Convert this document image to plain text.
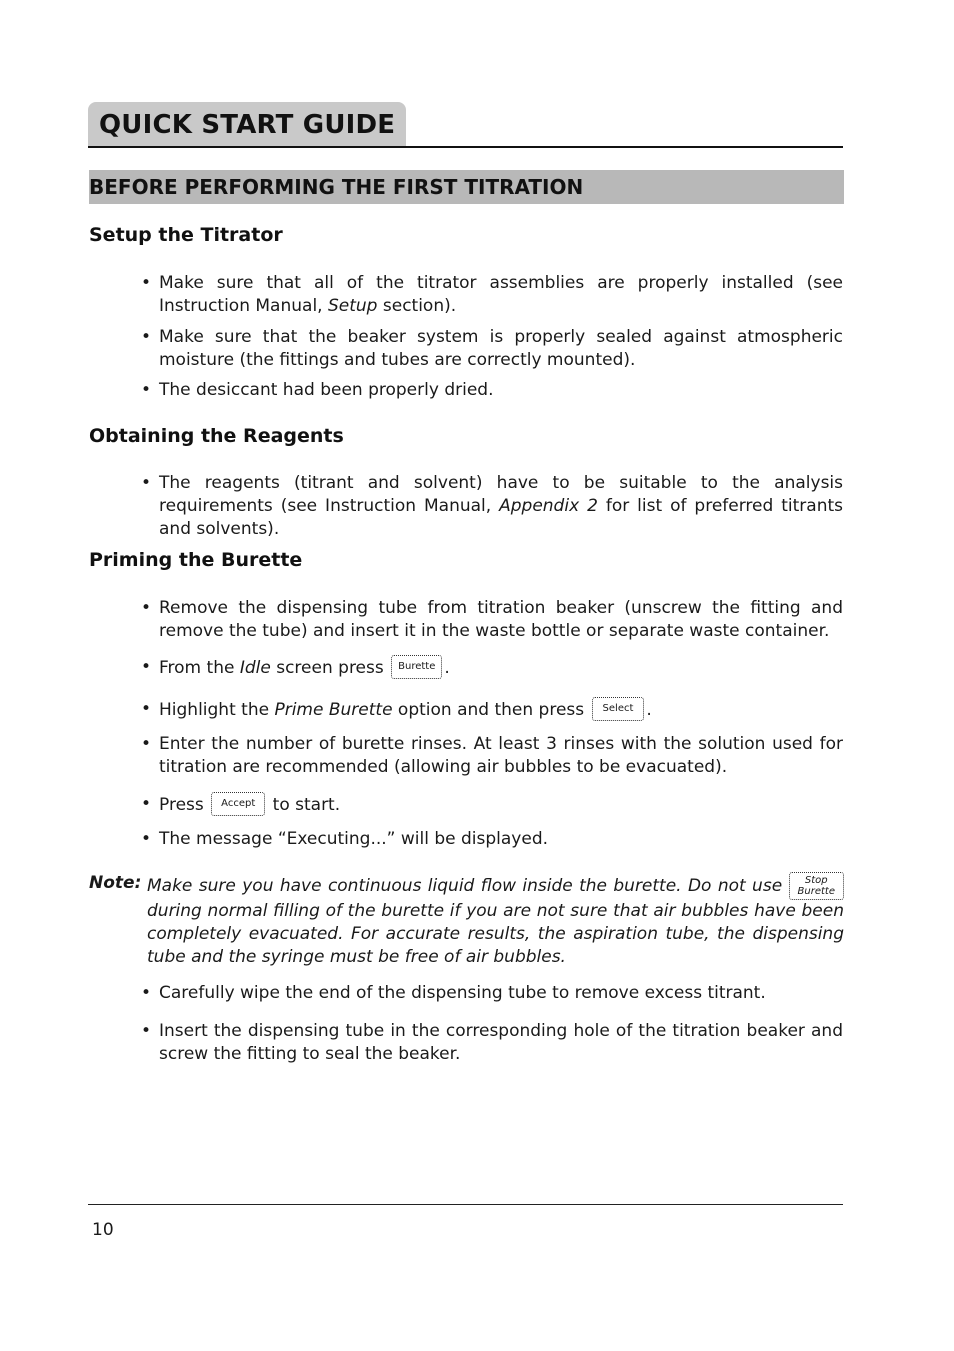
QUICK START GUIDE
BEFORE PERFORMING THE FIRST TITRATION
Setup the Titrator
• Make sure that all of the titrator assemblies are properly installed (see Instruction Manual, Setup section).
• Make sure that the beaker system is properly sealed against atmospheric moisture (the fittings and tubes are correctly mounted).
• The desiccant had been properly dried.
Obtaining the Reagents
• The reagents (titrant and solvent) have to be suitable to the analysis requirements (see Instruction Manual, Appendix 2 for list of preferred titrants and solvents).
Priming the Burette
• Remove the dispensing tube from titration beaker (unscrew the fitting and remove the tube) and insert it in the waste bottle or separate waste container.
• From the Idle screen press Burette .
• Highlight the Prime Burette option and then press Select .
• Enter the number of burette rinses. At least 3 rinses with the solution used for titration are recommended (allowing air bubbles to be evacuated).
• Press Accept to start.
• The message “Executing...” will be displayed.
Note: Make sure you have continuous liquid flow inside the burette. Do not use Stop
Burette during normal filling of the burette if you are not sure that air bubbles have been completely evacuated. For accurate results, the aspiration tube, the dispensing tube and the syringe must be free of air bubbles.
• Carefully wipe the end of the dispensing tube to remove excess titrant.
• Insert the dispensing tube in the corresponding hole of the titration beaker and screw the fitting to seal the beaker.
10
